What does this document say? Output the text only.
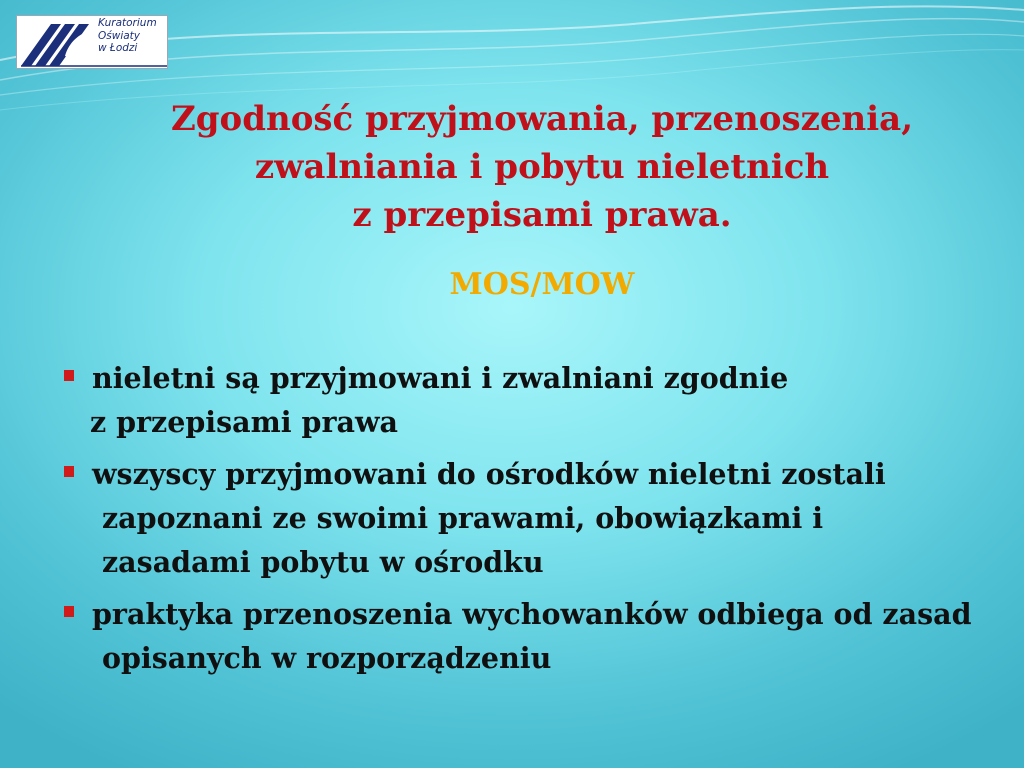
Kuratorium
Oświaty
w Łodzi
Zgodność przyjmowania, przenoszenia,
zwalniania i pobytu nieletnich
z przepisami prawa.
MOS/MOW
nieletni są przyjmowani i zwalniani zgodnie
z przepisami prawa
wszyscy przyjmowani do ośrodków nieletni zostali zapoznani ze swoimi prawami, obowiązkami i zasadami pobytu w ośrodku
praktyka przenoszenia wychowanków odbiega od zasad opisanych w rozporządzeniu
